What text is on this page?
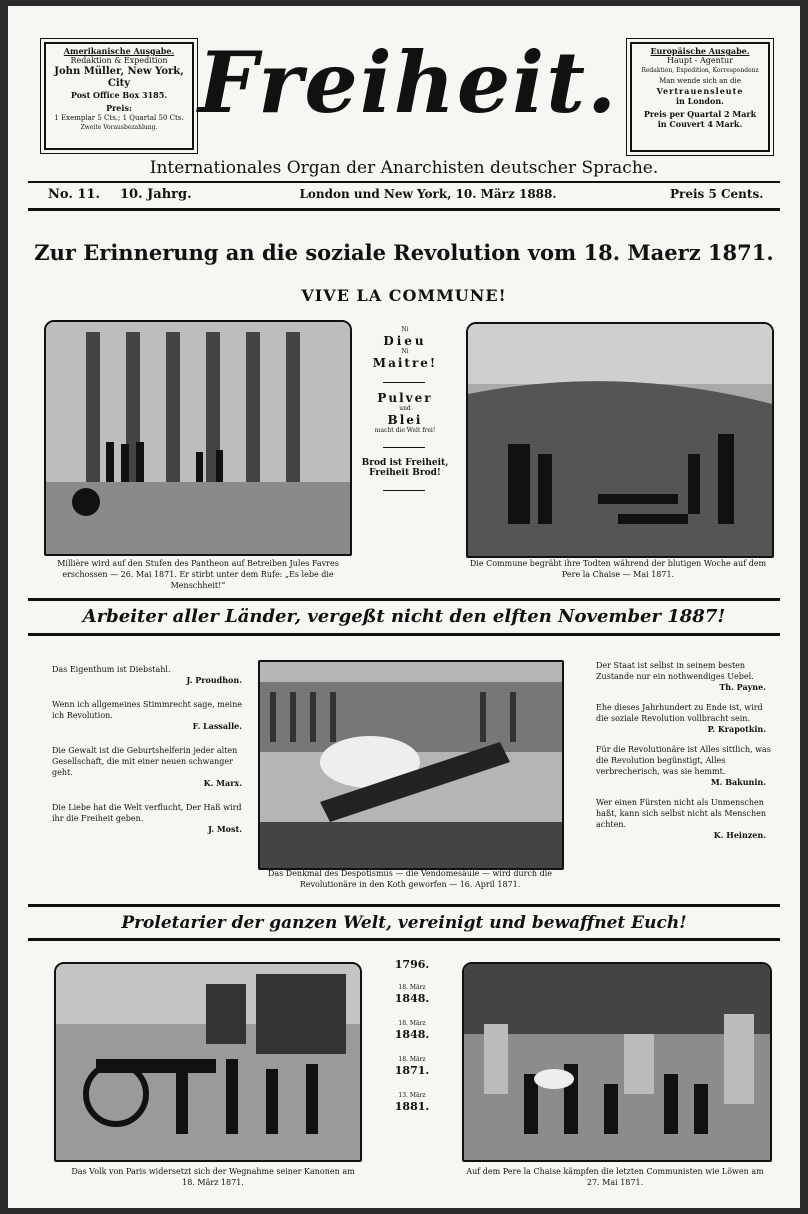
Amerikanische Ausgabe.
Redaktion & Expedition
John Müller, New York, City
Post Office Box 3185.
Preis:
1 Exemplar 5 Cts.; 1 Quartal 50 Cts.
Zweite Vorausbezahlung. Freiheit.	Europäische Ausgabe.
Haupt - Agentur
Redaktion, Expedition, Korrespondenz
Man wende sich an die
Vertrauensleute
in London.
Preis per Quartal 2 Mark
in Couvert 4 Mark.
Internationales Organ der Anarchisten deutscher Sprache.
No. 11. 10. Jahrg.	London und New York, 10. März 1888.	Preis 5 Cents.
Zur Erinnerung an die soziale Revolution vom 18. Maerz 1871.
VIVE LA COMMUNE!
Ni
Dieu
Ni
Maitre!
Pulver
und
Blei
macht die Welt frei!
Brod ist Freiheit,
Freiheit Brod!
Millière wird auf den Stufen des Pantheon auf Betreiben Jules Favres erschossen — 26. Mai 1871. Er stirbt unter dem Rufe: „Es lebe die Menschheit!“
Die Commune begräbt ihre Todten während der blutigen Woche auf dem Pere la Chaise — Mai 1871.
Arbeiter aller Länder, vergeßt nicht den elften November 1887!
Das Eigenthum ist Diebstahl.
J. Proudhon.
Wenn ich allgemeines Stimmrecht sage, meine ich Revolution.
F. Lassalle.
Die Gewalt ist die Geburtshelferin jeder alten Gesellschaft, die mit einer neuen schwanger geht.
K. Marx.
Die Liebe hat die Welt verflucht, Der Haß wird ihr die Freiheit geben.
J. Most.
Der Staat ist selbst in seinem besten Zustande nur ein nothwendiges Uebel.
Th. Payne.
Ehe dieses Jahrhundert zu Ende ist, wird die soziale Revolution vollbracht sein.
P. Krapotkin.
Für die Revolutionäre ist Alles sittlich, was die Revolution begünstigt, Alles verbrecherisch, was sie hemmt.
M. Bakunin.
Wer einen Fürsten nicht als Unmenschen haßt, kann sich selbst nicht als Menschen achten.
K. Heinzen.
Das Denkmal des Despotismus — die Vendomesäule — wird durch die Revolutionäre in den Koth geworfen — 16. April 1871.
Proletarier der ganzen Welt, vereinigt und bewaffnet Euch!
1796.
18. März
1848.
18. März
1848.
18. März
1871.
13. März
1881.
Das Volk von Paris widersetzt sich der Wegnahme seiner Kanonen am 18. März 1871.
Auf dem Pere la Chaise kämpfen die letzten Communisten wie Löwen am 27. Mai 1871.
